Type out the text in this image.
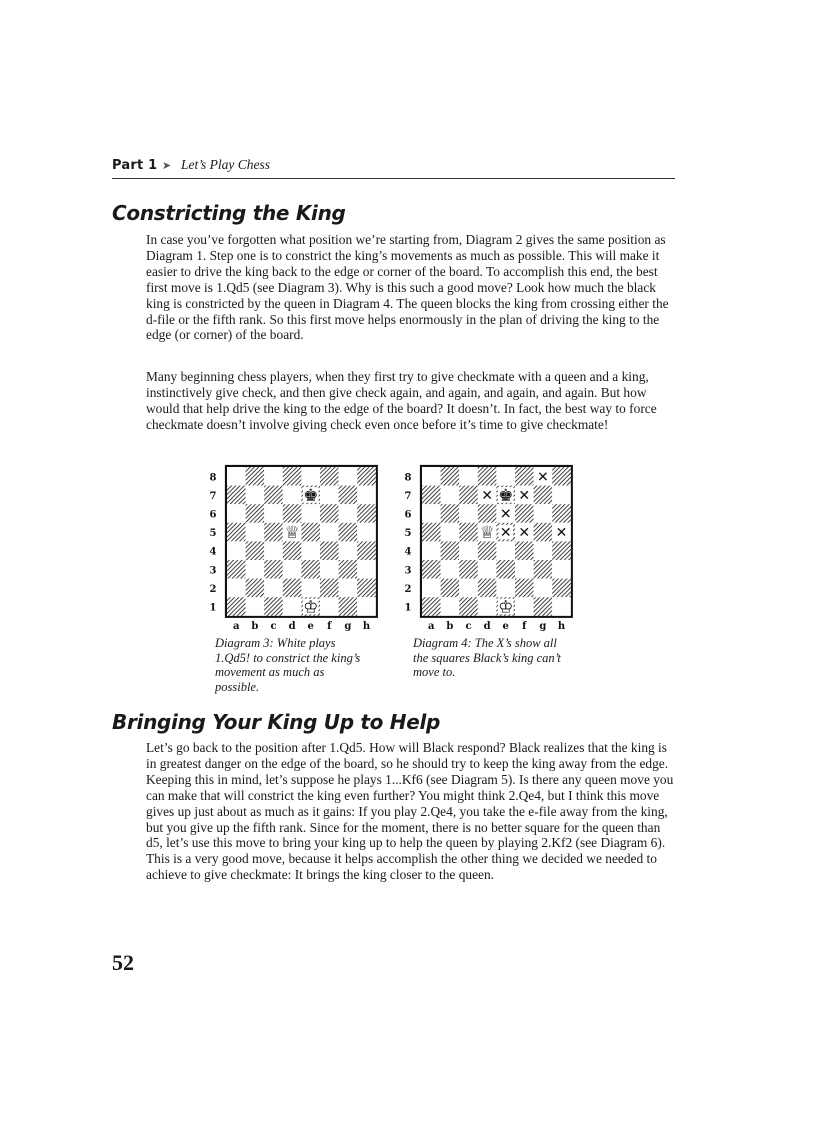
Part 1 ➤ Let’s Play Chess
Constricting the King

In case you’ve forgotten what position we’re starting from, Diagram 2 gives the same position as Diagram 1. Step one is to constrict the king’s movements as much as possible. This will make it easier to drive the king back to the edge or corner of the board. To accomplish this end, the best first move is 1.Qd5 (see Diagram 3). Why is this such a good move? Look how much the black king is constricted by the queen in Diagram 4. The queen blocks the king from crossing either the d-file or the fifth rank. So this first move helps enormously in the plan of driving the king to the edge (or corner) of the board.

Many beginning chess players, when they first try to give checkmate with a queen and a king, instinctively give check, and then give check again, and again, and again, and again. But how would that help drive the king to the edge of the board? It doesn’t. In fact, the best way to force checkmate doesn’t involve giving check even once before it’s time to give checkmate!

8
7
6
5
4
3
2
1
a b c d e f g h
♚
♕
♔

Diagram 3: White plays 1.Qd5! to constrict the king’s movement as much as possible.

8
7
6
5
4
3
2
1
a b c d e f g h
✕
✕ ✕
✕
✕ ✕ ✕
♚
♕
♔

Diagram 4: The X’s show all the squares Black’s king can’t move to.

Bringing Your King Up to Help

Let’s go back to the position after 1.Qd5. How will Black respond? Black realizes that the king is in greatest danger on the edge of the board, so he should try to keep the king away from the edge. Keeping this in mind, let’s suppose he plays 1...Kf6 (see Diagram 5). Is there any queen move you can make that will constrict the king even further? You might think 2.Qe4, but I think this move gives up just about as much as it gains: If you play 2.Qe4, you take the e-file away from the king, but you give up the fifth rank. Since for the moment, there is no better square for the queen than d5, let’s use this move to bring your king up to help the queen by playing 2.Kf2 (see Diagram 6). This is a very good move, because it helps accomplish the other thing we decided we needed to achieve to give checkmate: It brings the king closer to the queen.

52
